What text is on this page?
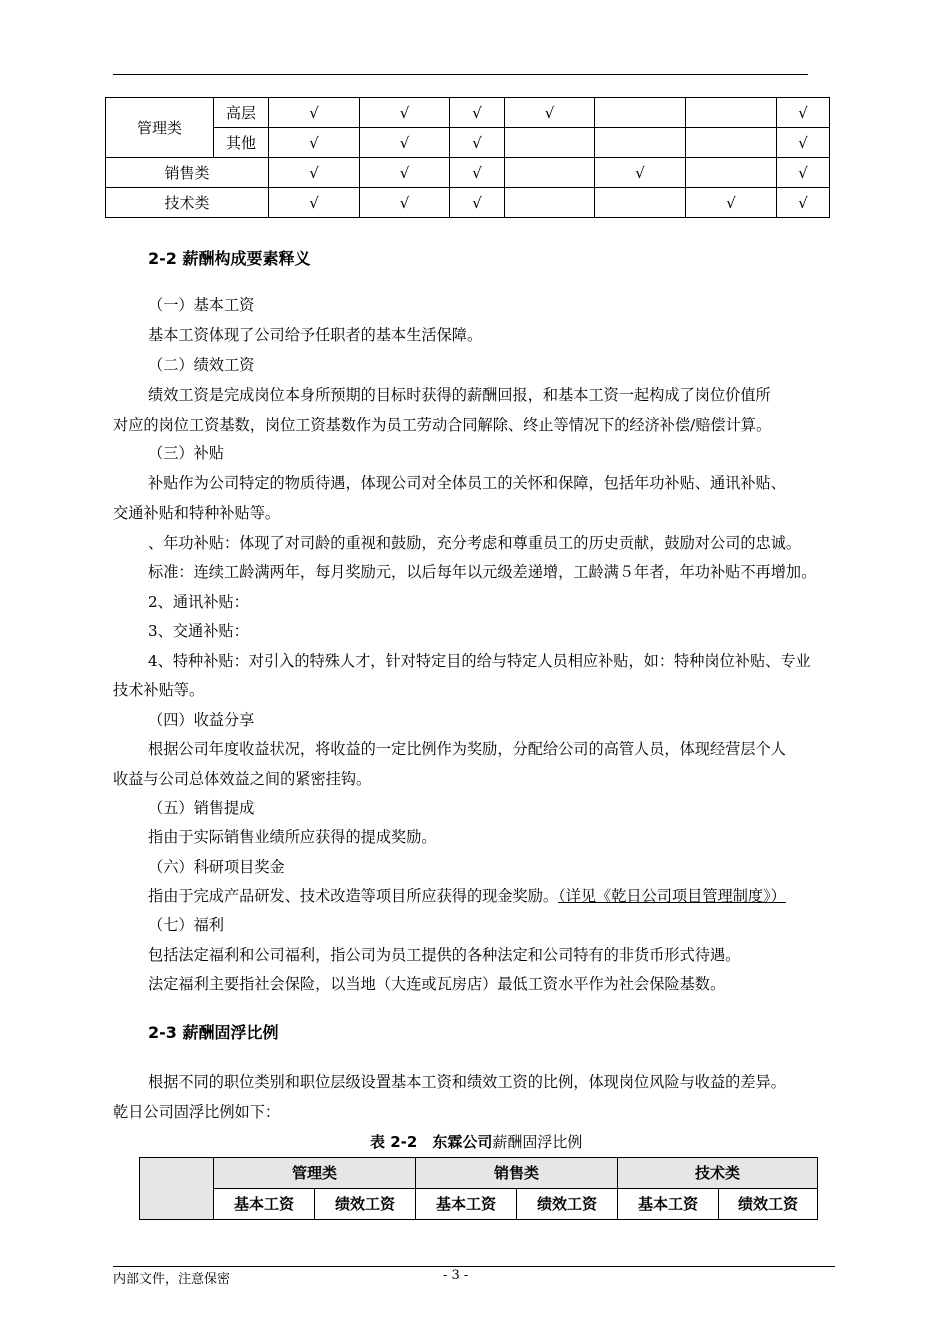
管理类	高层	√	√	√	√			√
	其他	√	√	√				√
销售类		√	√	√		√		√
技术类		√	√	√			√	√
2-2 薪酬构成要素释义
（一）基本工资
基本工资体现了公司给予任职者的基本生活保障。
（二）绩效工资
绩效工资是完成岗位本身所预期的目标时获得的薪酬回报，和基本工资一起构成了岗位价值所
对应的岗位工资基数，岗位工资基数作为员工劳动合同解除、终止等情况下的经济补偿/赔偿计算。
（三）补贴
补贴作为公司特定的物质待遇，体现公司对全体员工的关怀和保障，包括年功补贴、通讯补贴、
交通补贴和特种补贴等。
、年功补贴：体现了对司龄的重视和鼓励，充分考虑和尊重员工的历史贡献，鼓励对公司的忠诚。
标准：连续工龄满两年，每月奖励元，以后每年以元级差递增，工龄满５年者，年功补贴不再增加。
2、通讯补贴：
3、交通补贴：
4、特种补贴：对引入的特殊人才，针对特定目的给与特定人员相应补贴，如：特种岗位补贴、专业
技术补贴等。
（四）收益分享
根据公司年度收益状况，将收益的一定比例作为奖励，分配给公司的高管人员，体现经营层个人
收益与公司总体效益之间的紧密挂钩。
（五）销售提成
指由于实际销售业绩所应获得的提成奖励。
（六）科研项目奖金
指由于完成产品研发、技术改造等项目所应获得的现金奖励。（详见《乾日公司项目管理制度》）
（七）福利
包括法定福利和公司福利，指公司为员工提供的各种法定和公司特有的非货币形式待遇。
法定福利主要指社会保险，以当地（大连或瓦房店）最低工资水平作为社会保险基数。
2-3 薪酬固浮比例
根据不同的职位类别和职位层级设置基本工资和绩效工资的比例，体现岗位风险与收益的差异。
乾日公司固浮比例如下：
表 2-2　东霖公司薪酬固浮比例
	管理类		销售类		技术类	
	基本工资	绩效工资	基本工资	绩效工资	基本工资	绩效工资
内部文件，注意保密	- 3 -
